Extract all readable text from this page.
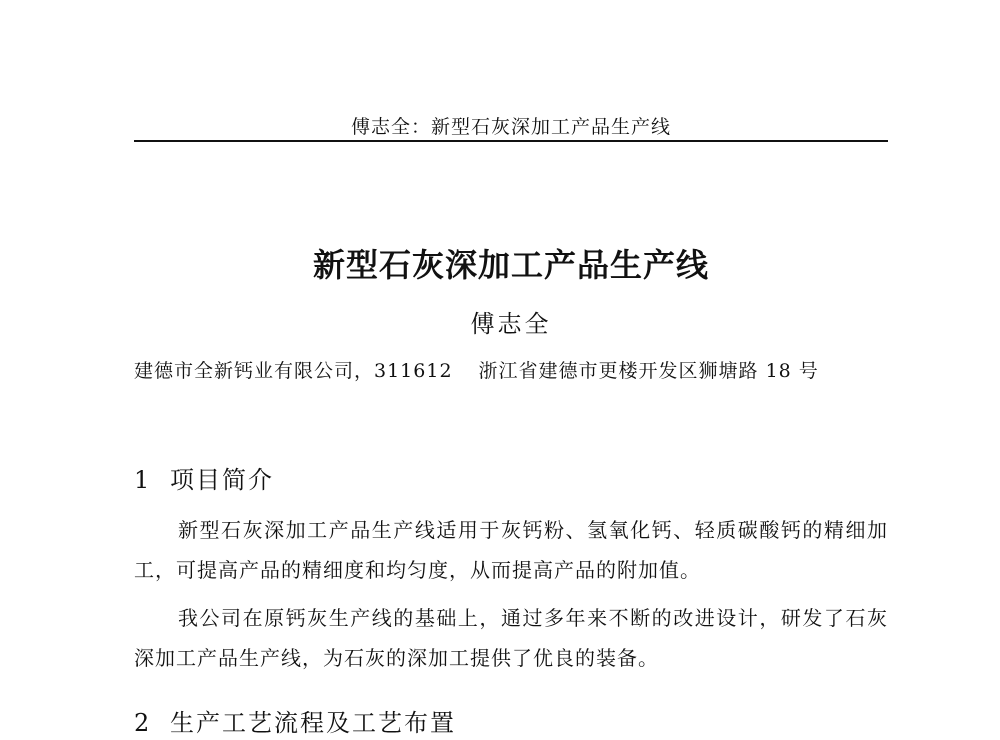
傅志全：新型石灰深加工产品生产线
新型石灰深加工产品生产线
傅志全
建德市全新钙业有限公司，311612 浙江省建德市更楼开发区狮塘路 18 号
1 项目简介
新型石灰深加工产品生产线适用于灰钙粉、氢氧化钙、轻质碳酸钙的精细加工，可提高产品的精细度和均匀度，从而提高产品的附加值。
我公司在原钙灰生产线的基础上，通过多年来不断的改进设计，研发了石灰深加工产品生产线，为石灰的深加工提供了优良的装备。
2 生产工艺流程及工艺布置
